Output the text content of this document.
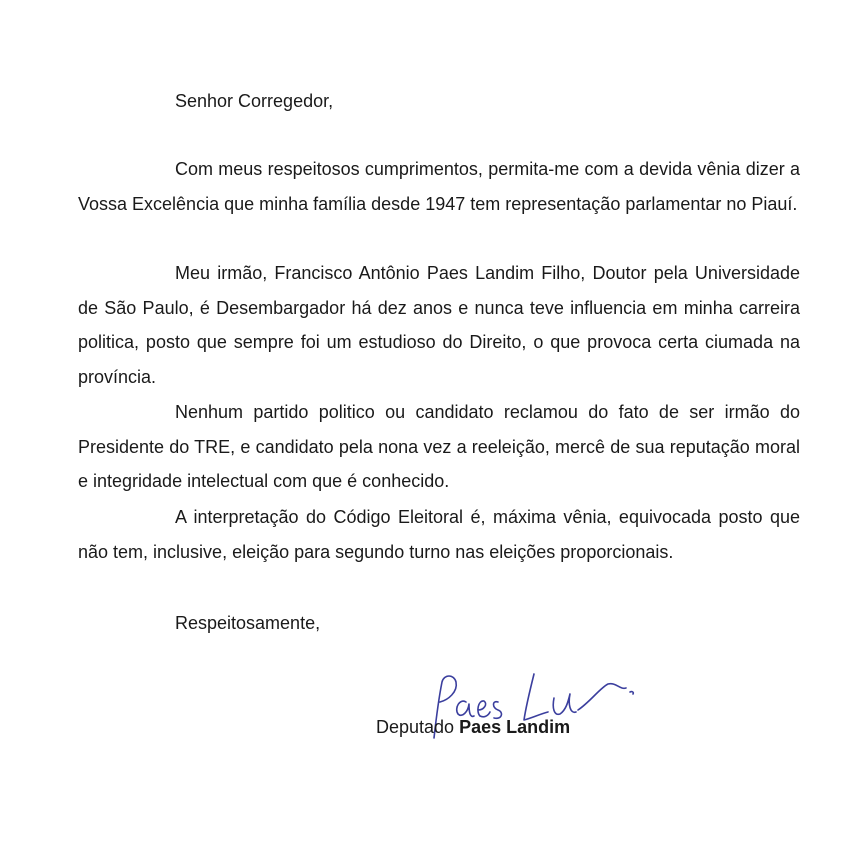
Senhor Corregedor,

Com meus respeitosos cumprimentos, permita-me com a devida vênia dizer a Vossa Excelência que minha família desde 1947 tem representação parlamentar no Piauí.

Meu irmão, Francisco Antônio Paes Landim Filho, Doutor pela Universidade de São Paulo, é Desembargador há dez anos e nunca teve influencia em minha carreira politica, posto que sempre foi um estudioso do Direito, o que provoca certa ciumada na província.

Nenhum partido politico ou candidato reclamou do fato de ser irmão do Presidente do TRE, e candidato pela nona vez a reeleição, mercê de sua reputação moral e integridade intelectual com que é conhecido.

A interpretação do Código Eleitoral é, máxima vênia, equivocada posto que não tem, inclusive, eleição para segundo turno nas eleições proporcionais.

Respeitosamente,
Deputado Paes Landim
